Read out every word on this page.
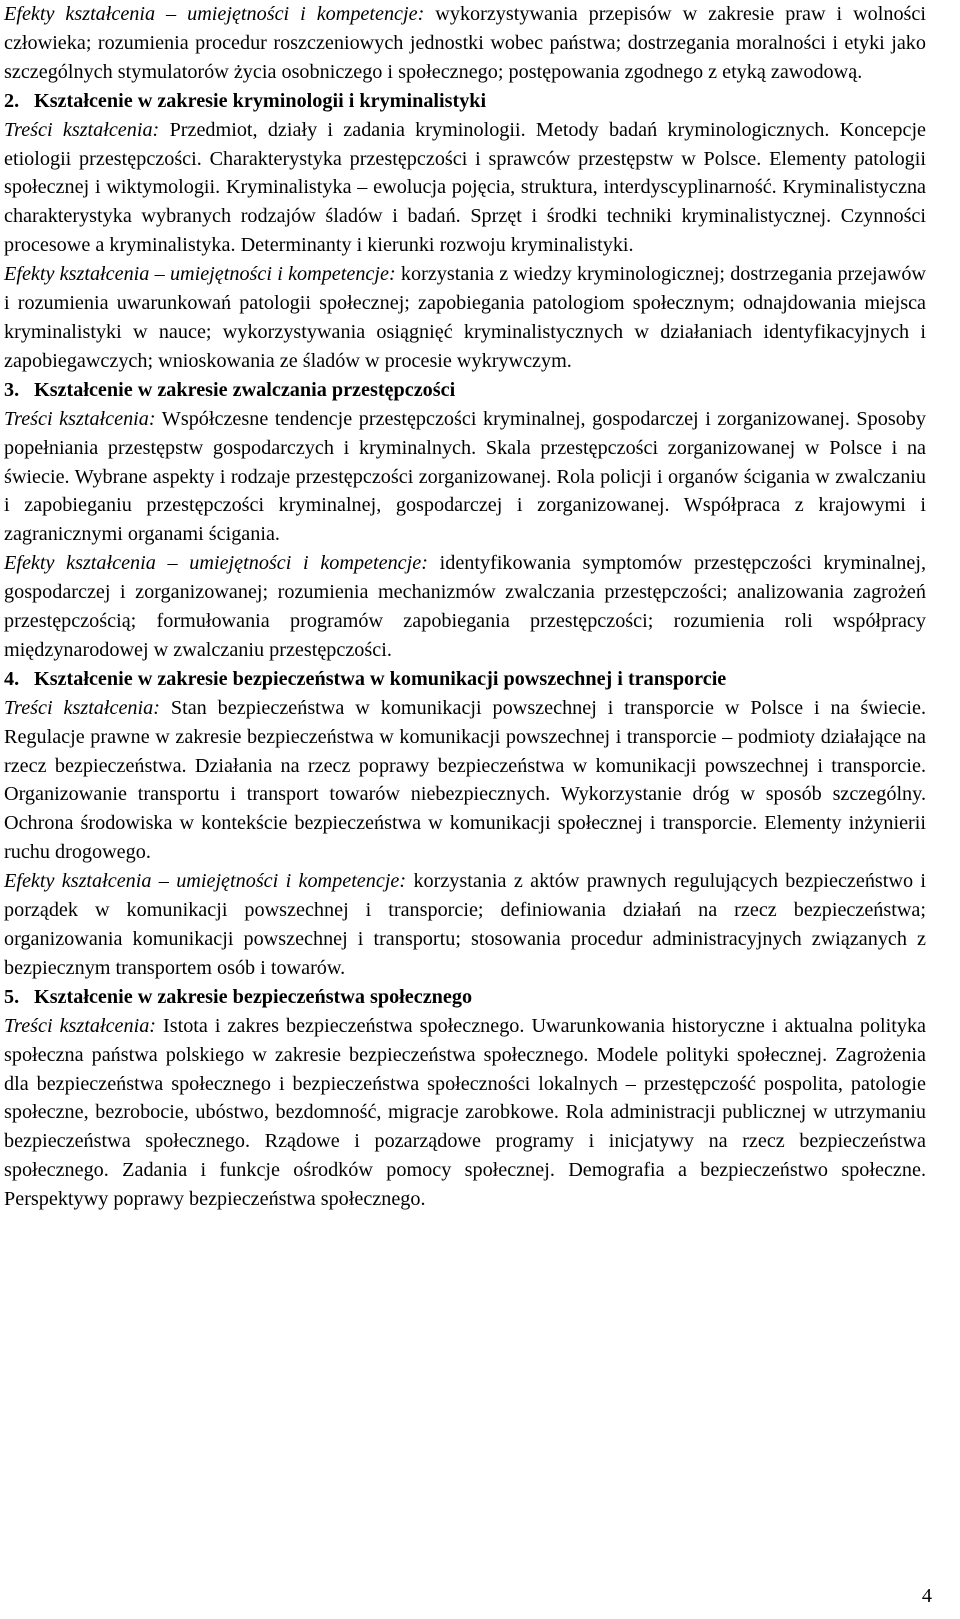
Efekty kształcenia – umiejętności i kompetencje: wykorzystywania przepisów w zakresie praw i wolności człowieka; rozumienia procedur roszczeniowych jednostki wobec państwa; dostrzegania moralności i etyki jako szczególnych stymulatorów życia osobniczego i społecznego; postępowania zgodnego z etyką zawodową.

2. Kształcenie w zakresie kryminologii i kryminalistyki

Treści kształcenia: Przedmiot, działy i zadania kryminologii. Metody badań kryminologicznych. Koncepcje etiologii przestępczości. Charakterystyka przestępczości i sprawców przestępstw w Polsce. Elementy patologii społecznej i wiktymologii. Kryminalistyka – ewolucja pojęcia, struktura, interdyscyplinarność. Kryminalistyczna charakterystyka wybranych rodzajów śladów i badań. Sprzęt i środki techniki kryminalistycznej. Czynności procesowe a kryminalistyka. Determinanty i kierunki rozwoju kryminalistyki.

Efekty kształcenia – umiejętności i kompetencje: korzystania z wiedzy kryminologicznej; dostrzegania przejawów i rozumienia uwarunkowań patologii społecznej; zapobiegania patologiom społecznym; odnajdowania miejsca kryminalistyki w nauce; wykorzystywania osiągnięć kryminalistycznych w działaniach identyfikacyjnych i zapobiegawczych; wnioskowania ze śladów w procesie wykrywczym.

3. Kształcenie w zakresie zwalczania przestępczości

Treści kształcenia: Współczesne tendencje przestępczości kryminalnej, gospodarczej i zorganizowanej. Sposoby popełniania przestępstw gospodarczych i kryminalnych. Skala przestępczości zorganizowanej w Polsce i na świecie. Wybrane aspekty i rodzaje przestępczości zorganizowanej. Rola policji i organów ścigania w zwalczaniu i zapobieganiu przestępczości kryminalnej, gospodarczej i zorganizowanej. Współpraca z krajowymi i zagranicznymi organami ścigania.

Efekty kształcenia – umiejętności i kompetencje: identyfikowania symptomów przestępczości kryminalnej, gospodarczej i zorganizowanej; rozumienia mechanizmów zwalczania przestępczości; analizowania zagrożeń przestępczością; formułowania programów zapobiegania przestępczości; rozumienia roli współpracy międzynarodowej w zwalczaniu przestępczości.

4. Kształcenie w zakresie bezpieczeństwa w komunikacji powszechnej i transporcie

Treści kształcenia: Stan bezpieczeństwa w komunikacji powszechnej i transporcie w Polsce i na świecie. Regulacje prawne w zakresie bezpieczeństwa w komunikacji powszechnej i transporcie – podmioty działające na rzecz bezpieczeństwa. Działania na rzecz poprawy bezpieczeństwa w komunikacji powszechnej i transporcie. Organizowanie transportu i transport towarów niebezpiecznych. Wykorzystanie dróg w sposób szczególny. Ochrona środowiska w kontekście bezpieczeństwa w komunikacji społecznej i transporcie. Elementy inżynierii ruchu drogowego.

Efekty kształcenia – umiejętności i kompetencje: korzystania z aktów prawnych regulujących bezpieczeństwo i porządek w komunikacji powszechnej i transporcie; definiowania działań na rzecz bezpieczeństwa; organizowania komunikacji powszechnej i transportu; stosowania procedur administracyjnych związanych z bezpiecznym transportem osób i towarów.

5. Kształcenie w zakresie bezpieczeństwa społecznego

Treści kształcenia: Istota i zakres bezpieczeństwa społecznego. Uwarunkowania historyczne i aktualna polityka społeczna państwa polskiego w zakresie bezpieczeństwa społecznego. Modele polityki społecznej. Zagrożenia dla bezpieczeństwa społecznego i bezpieczeństwa społeczności lokalnych – przestępczość pospolita, patologie społeczne, bezrobocie, ubóstwo, bezdomność, migracje zarobkowe. Rola administracji publicznej w utrzymaniu bezpieczeństwa społecznego. Rządowe i pozarządowe programy i inicjatywy na rzecz bezpieczeństwa społecznego. Zadania i funkcje ośrodków pomocy społecznej. Demografia a bezpieczeństwo społeczne. Perspektywy poprawy bezpieczeństwa społecznego.

4
